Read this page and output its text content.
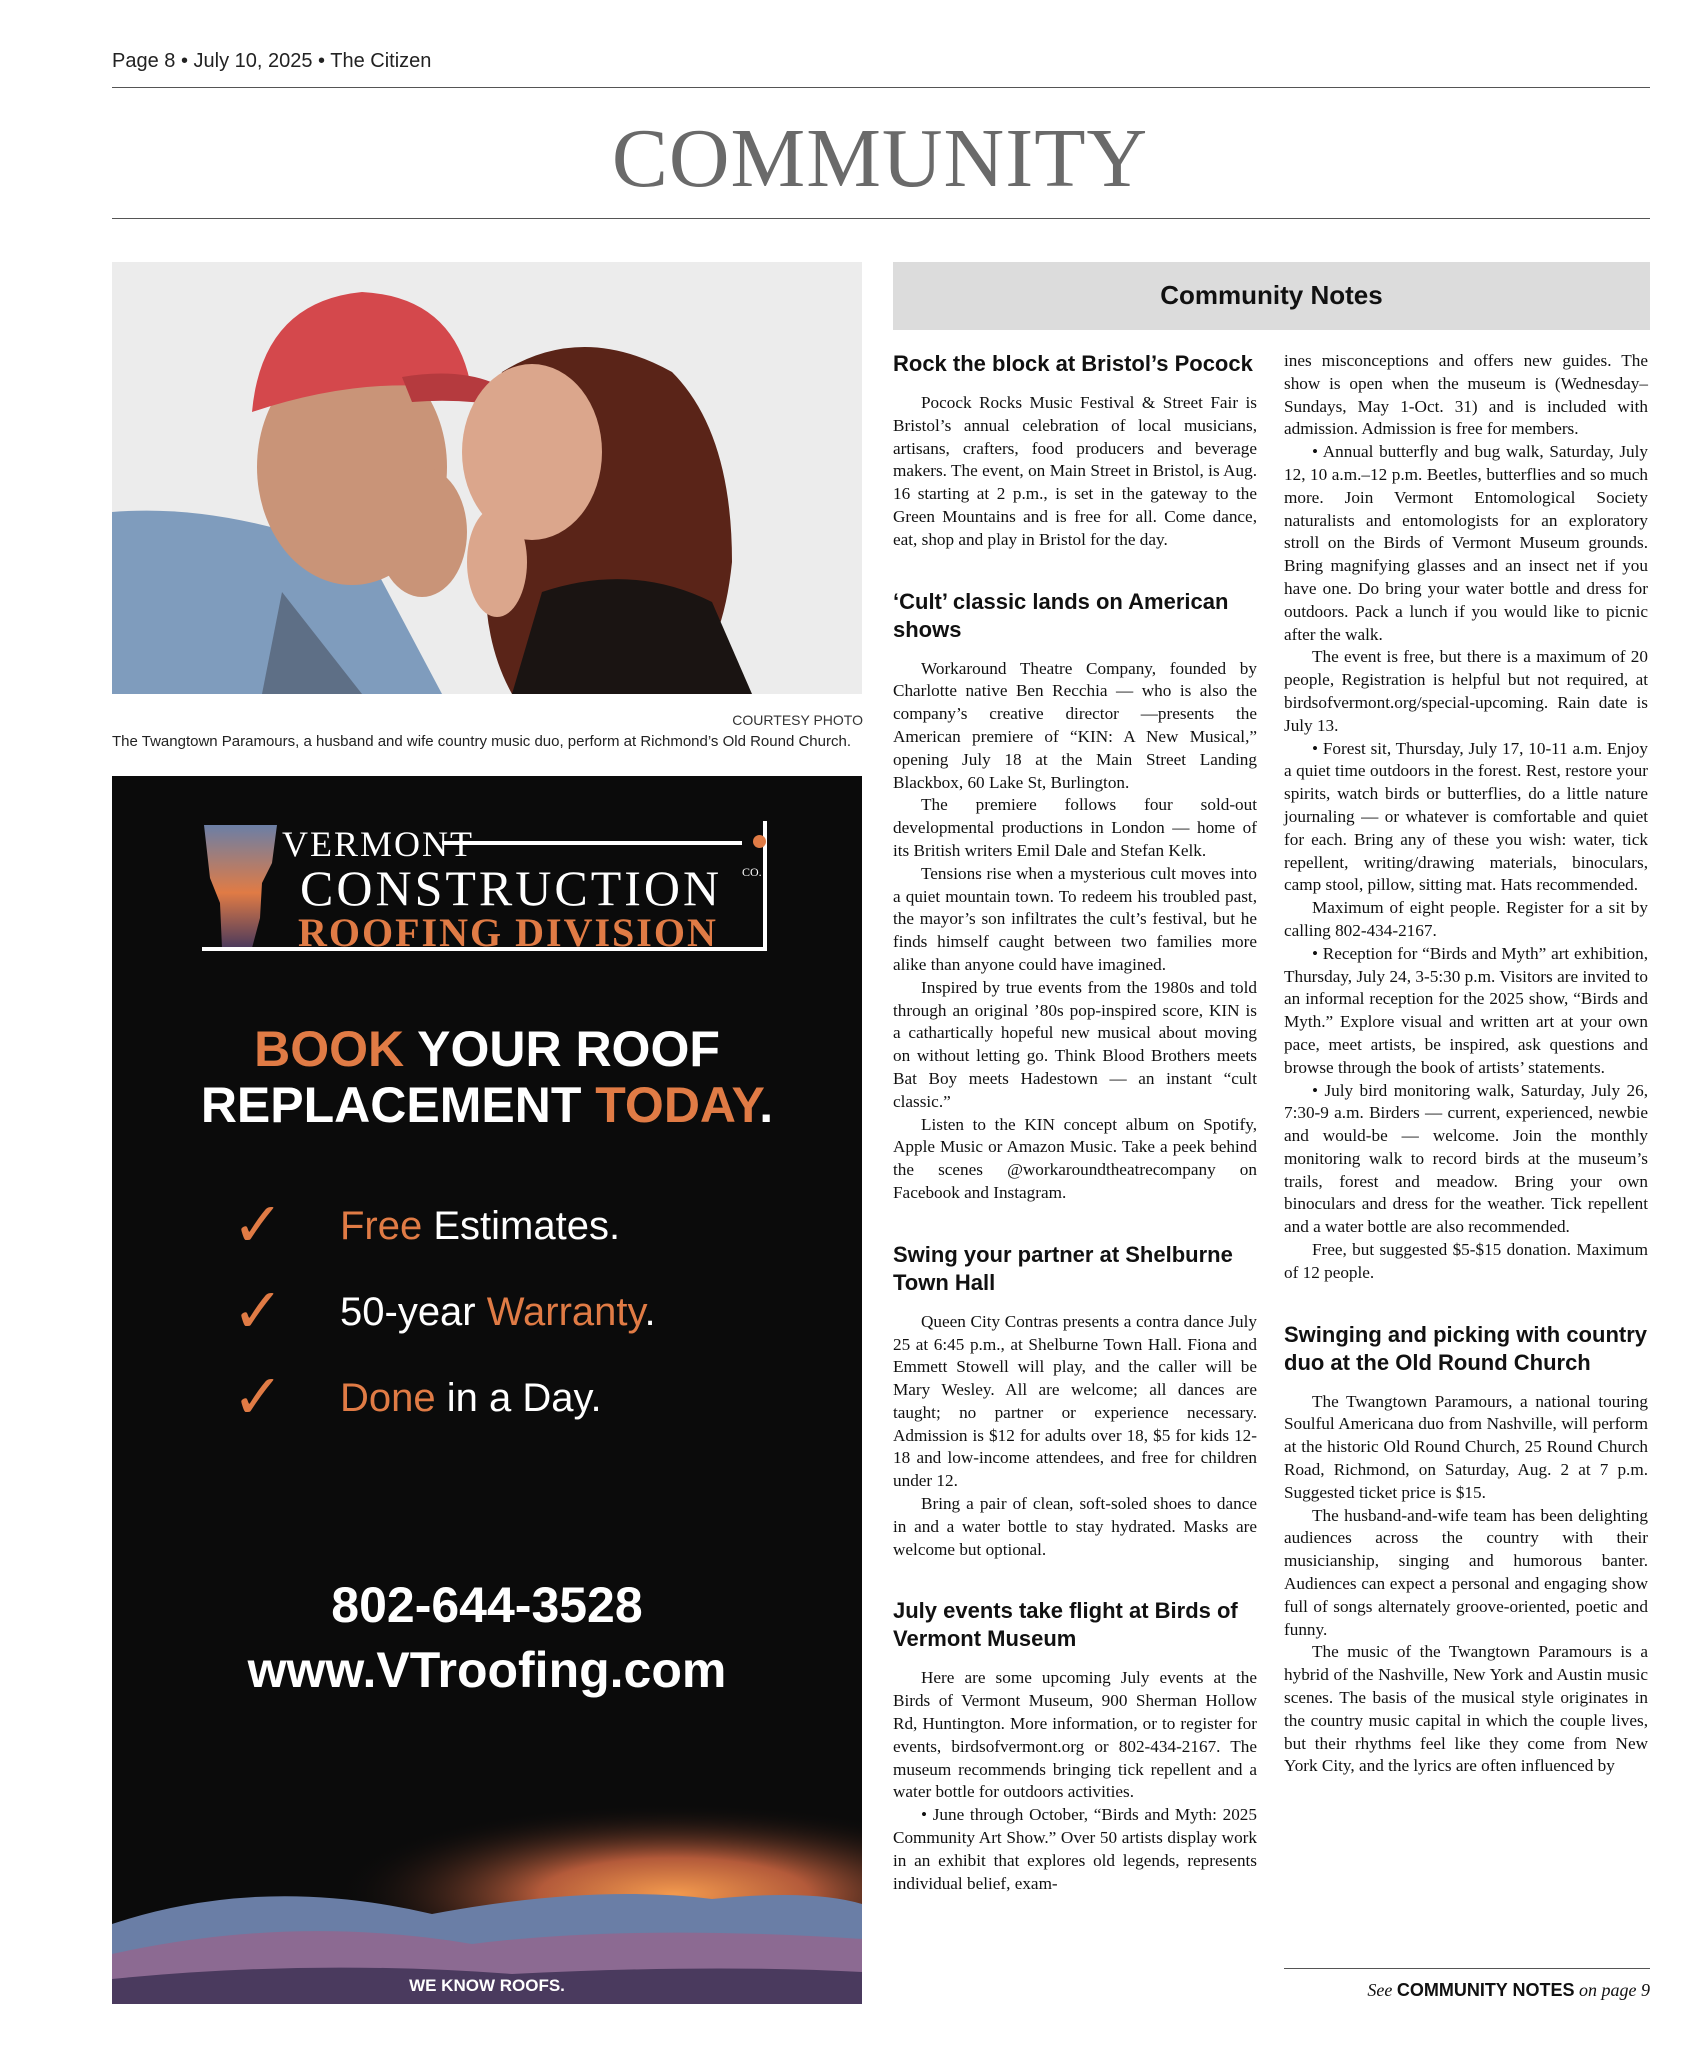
Page 8 • July 10, 2025 • The Citizen
COMMUNITY
COURTESY PHOTO
The Twangtown Paramours, a husband and wife country music duo, perform at Richmond’s Old Round Church.
VERMONT
CONSTRUCTION CO.
ROOFING DIVISION
BOOK YOUR ROOF
REPLACEMENT TODAY.
✓ Free Estimates.
✓ 50-year Warranty.
✓ Done in a Day.
802-644-3528
www.VTroofing.com
WE KNOW ROOFS.
Community Notes
Rock the block at Bristol’s Pocock

Pocock Rocks Music Festival & Street Fair is Bristol’s annual celebration of local musicians, artisans, crafters, food producers and beverage makers. The event, on Main Street in Bristol, is Aug. 16 starting at 2 p.m., is set in the gateway to the Green Mountains and is free for all. Come dance, eat, shop and play in Bristol for the day.

‘Cult’ classic lands on American shows

Workaround Theatre Company, founded by Charlotte native Ben Recchia — who is also the company’s creative director —presents the American premiere of “KIN: A New Musical,” opening July 18 at the Main Street Landing Blackbox, 60 Lake St, Burlington.

The premiere follows four sold-out developmental productions in London — home of its British writers Emil Dale and Stefan Kelk.

Tensions rise when a mysterious cult moves into a quiet mountain town. To redeem his troubled past, the mayor’s son infiltrates the cult’s festival, but he finds himself caught between two families more alike than anyone could have imagined.

Inspired by true events from the 1980s and told through an original ’80s pop-inspired score, KIN is a cathartically hopeful new musical about moving on without letting go. Think Blood Brothers meets Bat Boy meets Hadestown — an instant “cult classic.”

Listen to the KIN concept album on Spotify, Apple Music or Amazon Music. Take a peek behind the scenes @workaroundtheatrecompany on Facebook and Instagram.

Swing your partner at Shelburne Town Hall

Queen City Contras presents a contra dance July 25 at 6:45 p.m., at Shelburne Town Hall. Fiona and Emmett Stowell will play, and the caller will be Mary Wesley. All are welcome; all dances are taught; no partner or experience necessary. Admission is $12 for adults over 18, $5 for kids 12-18 and low-income attendees, and free for children under 12.

Bring a pair of clean, soft-soled shoes to dance in and a water bottle to stay hydrated. Masks are welcome but optional.

July events take flight at Birds of Vermont Museum

Here are some upcoming July events at the Birds of Vermont Museum, 900 Sherman Hollow Rd, Huntington. More information, or to register for events, birdsofvermont.org or 802-434-2167. The museum recommends bringing tick repellent and a water bottle for outdoors activities.

• June through October, “Birds and Myth: 2025 Community Art Show.” Over 50 artists display work in an exhibit that explores old legends, represents individual belief, exam-

ines misconceptions and offers new guides. The show is open when the museum is (Wednesday–Sundays, May 1-Oct. 31) and is included with admission. Admission is free for members.

• Annual butterfly and bug walk, Saturday, July 12, 10 a.m.–12 p.m. Beetles, butterflies and so much more. Join Vermont Entomological Society naturalists and entomologists for an exploratory stroll on the Birds of Vermont Museum grounds. Bring magnifying glasses and an insect net if you have one. Do bring your water bottle and dress for outdoors. Pack a lunch if you would like to picnic after the walk.

The event is free, but there is a maximum of 20 people, Registration is helpful but not required, at birdsofvermont.org/special-upcoming. Rain date is July 13.

• Forest sit, Thursday, July 17, 10-11 a.m. Enjoy a quiet time outdoors in the forest. Rest, restore your spirits, watch birds or butterflies, do a little nature journaling — or whatever is comfortable and quiet for each. Bring any of these you wish: water, tick repellent, writing/drawing materials, binoculars, camp stool, pillow, sitting mat. Hats recommended.

Maximum of eight people. Register for a sit by calling 802-434-2167.

• Reception for “Birds and Myth” art exhibition, Thursday, July 24, 3-5:30 p.m. Visitors are invited to an informal reception for the 2025 show, “Birds and Myth.” Explore visual and written art at your own pace, meet artists, be inspired, ask questions and browse through the book of artists’ statements.

• July bird monitoring walk, Saturday, July 26, 7:30-9 a.m. Birders — current, experienced, newbie and would-be — welcome. Join the monthly monitoring walk to record birds at the museum’s trails, forest and meadow. Bring your own binoculars and dress for the weather. Tick repellent and a water bottle are also recommended.

Free, but suggested $5-$15 donation. Maximum of 12 people.

Swinging and picking with country duo at the Old Round Church

The Twangtown Paramours, a national touring Soulful Americana duo from Nashville, will perform at the historic Old Round Church, 25 Round Church Road, Richmond, on Saturday, Aug. 2 at 7 p.m. Suggested ticket price is $15.

The husband-and-wife team has been delighting audiences across the country with their musicianship, singing and humorous banter. Audiences can expect a personal and engaging show full of songs alternately groove-oriented, poetic and funny.

The music of the Twangtown Paramours is a hybrid of the Nashville, New York and Austin music scenes. The basis of the musical style originates in the country music capital in which the couple lives, but their rhythms feel like they come from New York City, and the lyrics are often influenced by

See COMMUNITY NOTES on page 9
